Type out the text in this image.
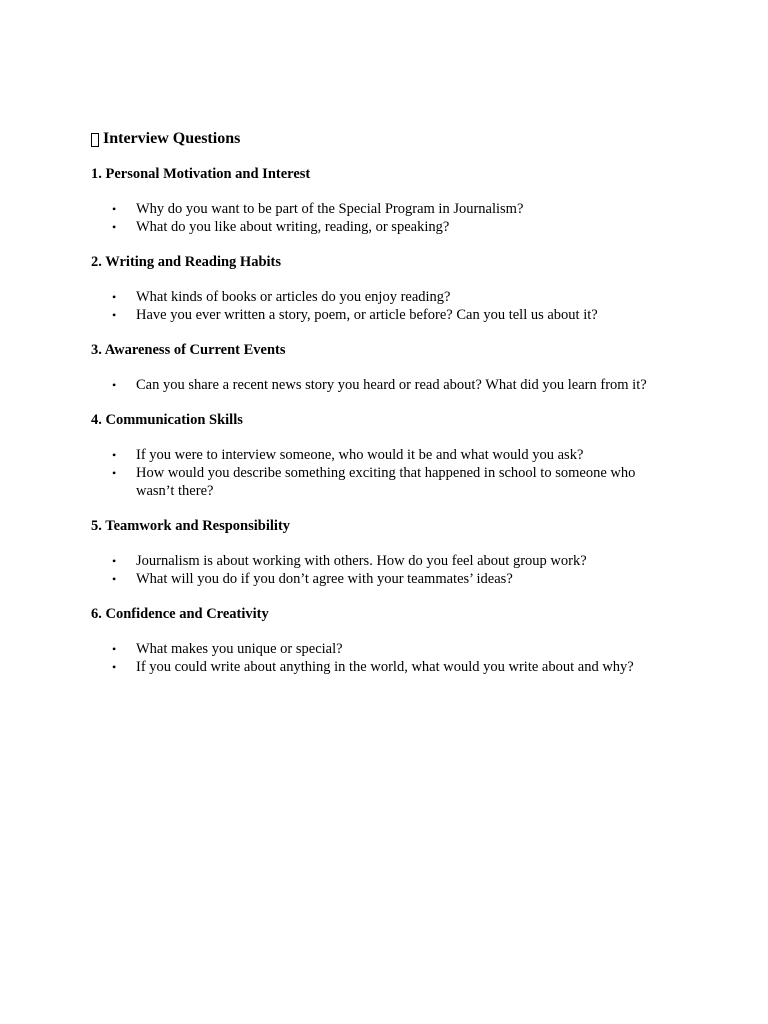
Interview Questions
1. Personal Motivation and Interest
• Why do you want to be part of the Special Program in Journalism?
• What do you like about writing, reading, or speaking?
2. Writing and Reading Habits
• What kinds of books or articles do you enjoy reading?
• Have you ever written a story, poem, or article before? Can you tell us about it?
3. Awareness of Current Events
• Can you share a recent news story you heard or read about? What did you learn from it?
4. Communication Skills
• If you were to interview someone, who would it be and what would you ask?
• How would you describe something exciting that happened in school to someone who wasn’t there?
5. Teamwork and Responsibility
• Journalism is about working with others. How do you feel about group work?
• What will you do if you don’t agree with your teammates’ ideas?
6. Confidence and Creativity
• What makes you unique or special?
• If you could write about anything in the world, what would you write about and why?
